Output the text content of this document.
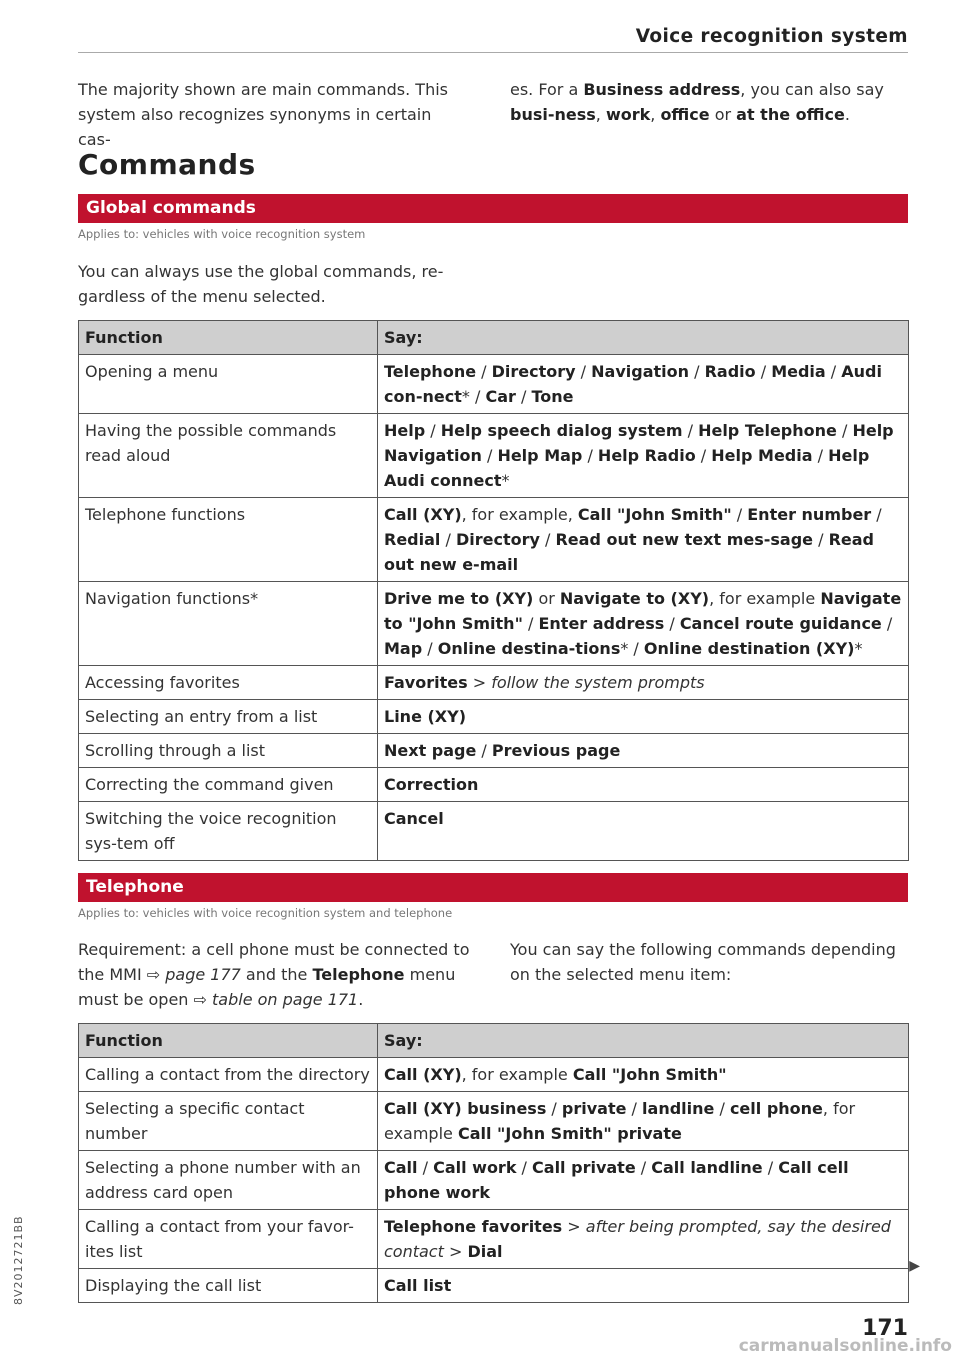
Voice recognition system
The majority shown are main commands. This system also recognizes synonyms in certain cas-
es. For a Business address, you can also say busi-ness, work, office or at the office.
Commands
Global commands
Applies to: vehicles with voice recognition system
You can always use the global commands, re-gardless of the menu selected.
Function	Say:
Opening a menu	Telephone / Directory / Navigation / Radio / Media / Audi con-nect* / Car / Tone
Having the possible commands read aloud	Help / Help speech dialog system / Help Telephone / Help Navigation / Help Map / Help Radio / Help Media / Help Audi connect*
Telephone functions	Call (XY), for example, Call "John Smith" / Enter number / Redial / Directory / Read out new text mes-sage / Read out new e-mail
Navigation functions*	Drive me to (XY) or Navigate to (XY), for example Navigate to "John Smith" / Enter address / Cancel route guidance / Map / Online destina-tions* / Online destination (XY)*
Accessing favorites	Favorites > follow the system prompts
Selecting an entry from a list	Line (XY)
Scrolling through a list	Next page / Previous page
Correcting the command given	Correction
Switching the voice recognition sys-tem off	Cancel
Telephone
Applies to: vehicles with voice recognition system and telephone
Requirement: a cell phone must be connected to the MMI ⇨ page 177 and the Telephone menu must be open ⇨ table on page 171.
You can say the following commands depending on the selected menu item:
Function	Say:
Calling a contact from the directory	Call (XY), for example Call "John Smith"
Selecting a specific contact number	Call (XY) business / private / landline / cell phone, for example Call "John Smith" private
Selecting a phone number with an address card open	Call / Call work / Call private / Call landline / Call cell phone work
Calling a contact from your favor-ites list	Telephone favorites > after being prompted, say the desired contact > Dial
Displaying the call list	Call list
▶
171
8V2012721BB
carmanualsonline.info
